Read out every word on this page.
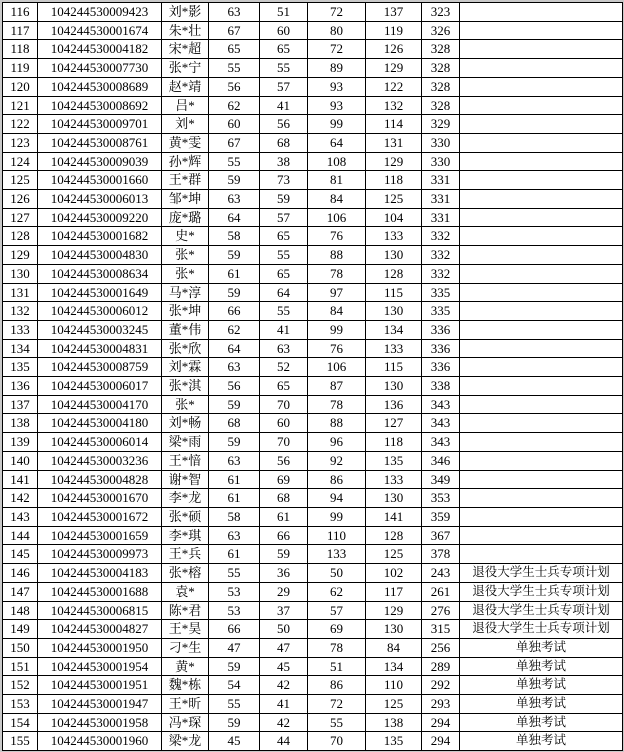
116	104244530009423	刘*影	63	51	72	137	323	
117	104244530001674	朱*壮	67	60	80	119	326	
118	104244530004182	宋*超	65	65	72	126	328	
119	104244530007730	张*宁	55	55	89	129	328	
120	104244530008689	赵*靖	56	57	93	122	328	
121	104244530008692	吕*	62	41	93	132	328	
122	104244530009701	刘*	60	56	99	114	329	
123	104244530008761	黄*雯	67	68	64	131	330	
124	104244530009039	孙*辉	55	38	108	129	330	
125	104244530001660	王*群	59	73	81	118	331	
126	104244530006013	邹*坤	63	59	84	125	331	
127	104244530009220	庞*璐	64	57	106	104	331	
128	104244530001682	史*	58	65	76	133	332	
129	104244530004830	张*	59	55	88	130	332	
130	104244530008634	张*	61	65	78	128	332	
131	104244530001649	马*淳	59	64	97	115	335	
132	104244530006012	张*坤	66	55	84	130	335	
133	104244530003245	董*伟	62	41	99	134	336	
134	104244530004831	张*欣	64	63	76	133	336	
135	104244530008759	刘*霖	63	52	106	115	336	
136	104244530006017	张*淇	56	65	87	130	338	
137	104244530004170	张*	59	70	78	136	343	
138	104244530004180	刘*畅	68	60	88	127	343	
139	104244530006014	梁*雨	59	70	96	118	343	
140	104244530003236	王*愔	63	56	92	135	346	
141	104244530004828	谢*智	61	69	86	133	349	
142	104244530001670	李*龙	61	68	94	130	353	
143	104244530001672	张*硕	58	61	99	141	359	
144	104244530001659	李*琪	63	66	110	128	367	
145	104244530009973	王*兵	61	59	133	125	378	
146	104244530004183	张*榕	55	36	50	102	243	退役大学生士兵专项计划
147	104244530001688	袁*	53	29	62	117	261	退役大学生士兵专项计划
148	104244530006815	陈*君	53	37	57	129	276	退役大学生士兵专项计划
149	104244530004827	王*昊	66	50	69	130	315	退役大学生士兵专项计划
150	104244530001950	刁*生	47	47	78	84	256	单独考试
151	104244530001954	黄*	59	45	51	134	289	单独考试
152	104244530001951	魏*栋	54	42	86	110	292	单独考试
153	104244530001947	王*昕	55	41	72	125	293	单独考试
154	104244530001958	冯*琛	59	42	55	138	294	单独考试
155	104244530001960	梁*龙	45	44	70	135	294	单独考试
